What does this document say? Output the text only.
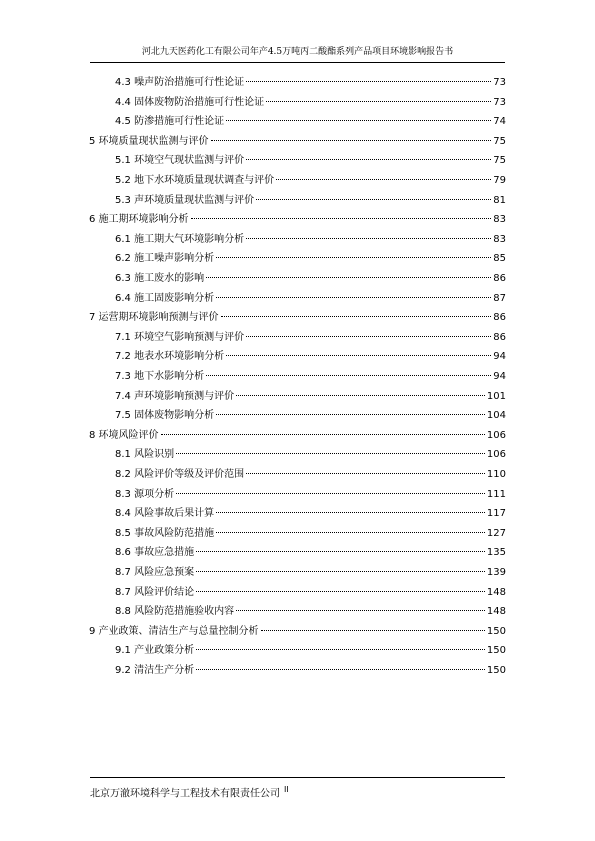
河北九天医药化工有限公司年产4.5万吨丙二酸酯系列产品项目环境影响报告书
4.3 噪声防治措施可行性论证	73
4.4 固体废物防治措施可行性论证	73
4.5 防渗措施可行性论证	74
5 环境质量现状监测与评价	75
5.1 环境空气现状监测与评价	75
5.2 地下水环境质量现状调查与评价	79
5.3 声环境质量现状监测与评价	81
6 施工期环境影响分析	83
6.1 施工期大气环境影响分析	83
6.2 施工噪声影响分析	85
6.3 施工废水的影响	86
6.4 施工固废影响分析	87
7 运营期环境影响预测与评价	86
7.1 环境空气影响预测与评价	86
7.2 地表水环境影响分析	94
7.3 地下水影响分析	94
7.4 声环境影响预测与评价	101
7.5 固体废物影响分析	104
8 环境风险评价	106
8.1 风险识别	106
8.2 风险评价等级及评价范围	110
8.3 源项分析	111
8.4 风险事故后果计算	117
8.5 事故风险防范措施	127
8.6 事故应急措施	135
8.7 风险应急预案	139
8.7 风险评价结论	148
8.8 风险防范措施验收内容	148
9 产业政策、清洁生产与总量控制分析	150
9.1 产业政策分析	150
9.2 清洁生产分析	150
北京万澈环境科学与工程技术有限责任公司 $^{II}$
